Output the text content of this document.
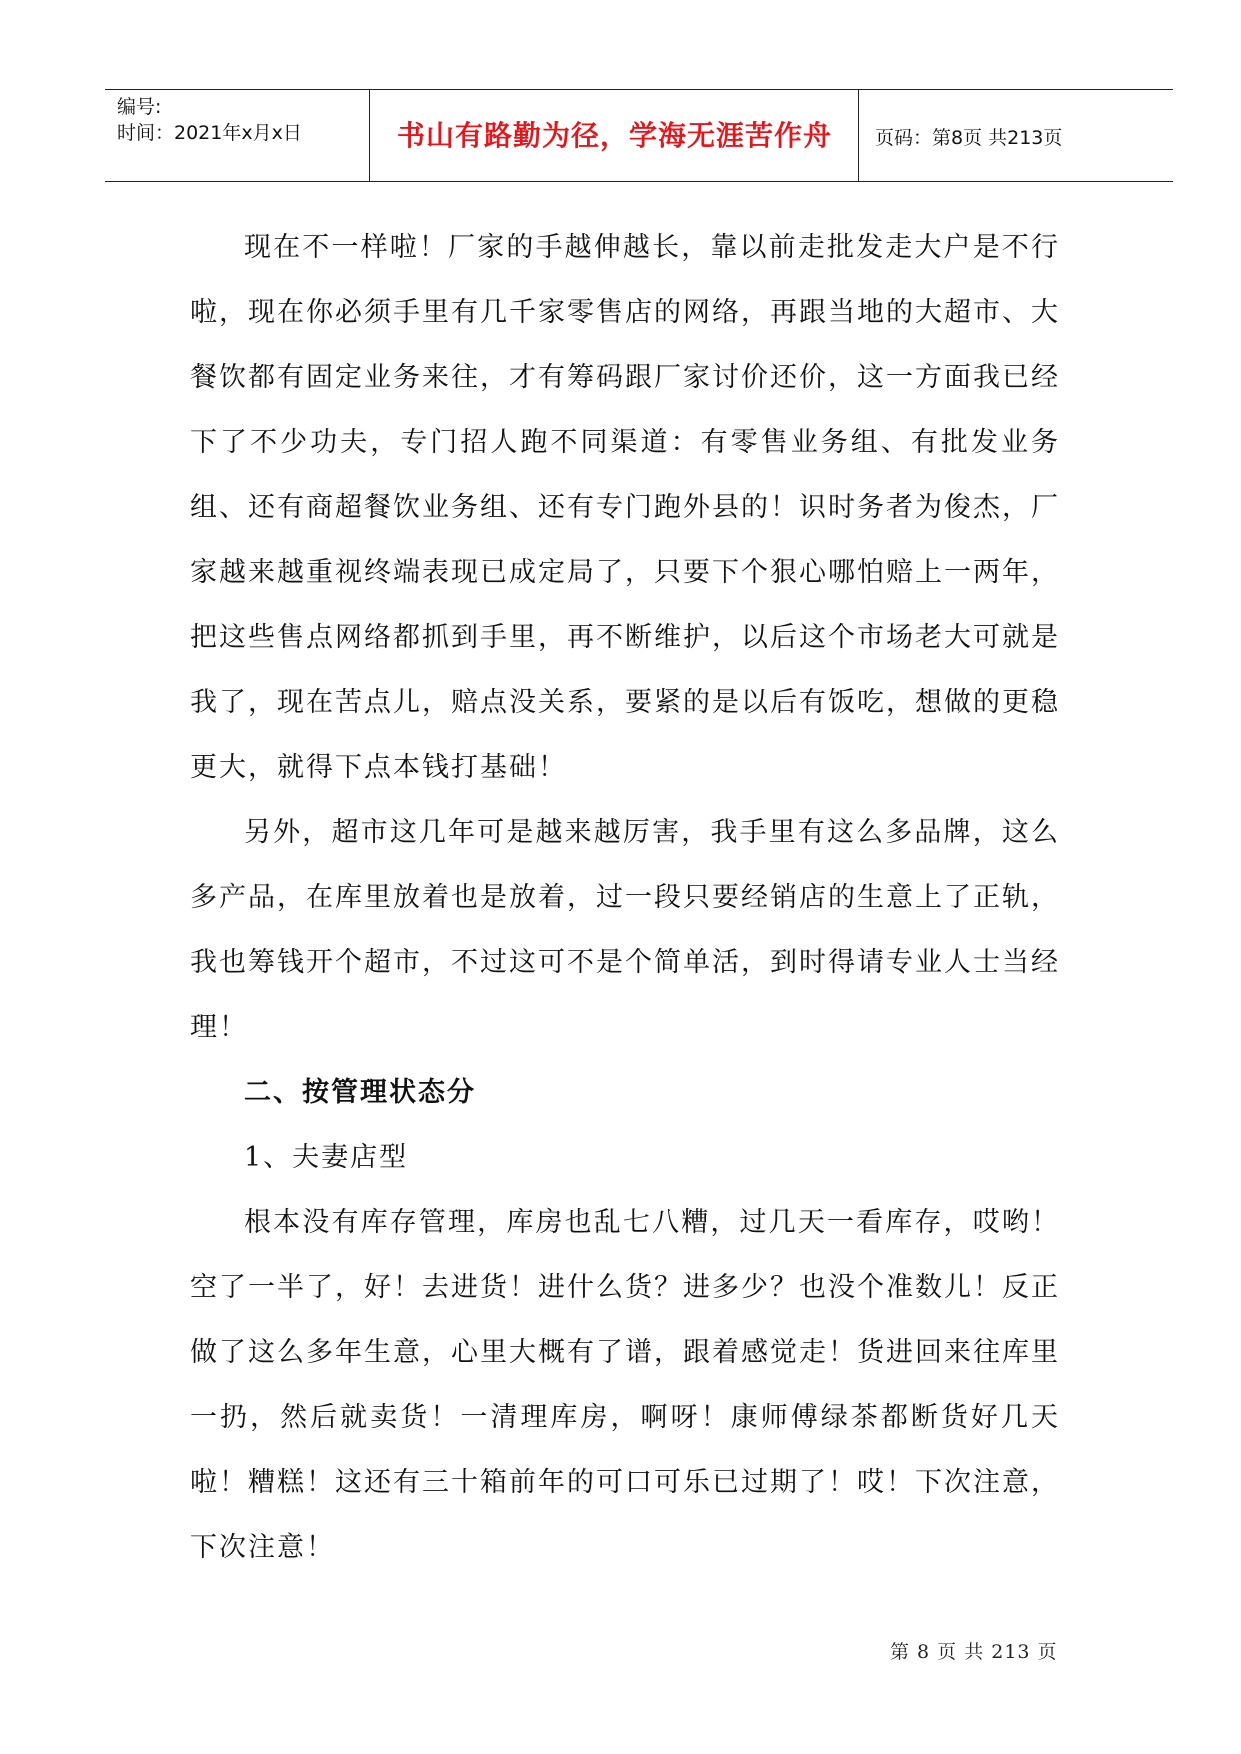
编号:
时间：2021年x月x日	书山有路勤为径，学海无涯苦作舟	页码：第8页 共213页

现在不一样啦！厂家的手越伸越长，靠以前走批发走大户是不行啦，现在你必须手里有几千家零售店的网络，再跟当地的大超市、大餐饮都有固定业务来往，才有筹码跟厂家讨价还价，这一方面我已经下了不少功夫，专门招人跑不同渠道：有零售业务组、有批发业务组、还有商超餐饮业务组、还有专门跑外县的！识时务者为俊杰，厂家越来越重视终端表现已成定局了，只要下个狠心哪怕赔上一两年，把这些售点网络都抓到手里，再不断维护，以后这个市场老大可就是我了，现在苦点儿，赔点没关系，要紧的是以后有饭吃，想做的更稳更大，就得下点本钱打基础！

另外，超市这几年可是越来越厉害，我手里有这么多品牌，这么多产品，在库里放着也是放着，过一段只要经销店的生意上了正轨，我也筹钱开个超市，不过这可不是个简单活，到时得请专业人士当经理！

二、按管理状态分

1、夫妻店型

根本没有库存管理，库房也乱七八糟，过几天一看库存，哎哟！空了一半了，好！去进货！进什么货？进多少？也没个准数儿！反正做了这么多年生意，心里大概有了谱，跟着感觉走！货进回来往库里一扔，然后就卖货！一清理库房，啊呀！康师傅绿茶都断货好几天啦！糟糕！这还有三十箱前年的可口可乐已过期了！哎！下次注意，下次注意！

第 8 页 共 213 页
